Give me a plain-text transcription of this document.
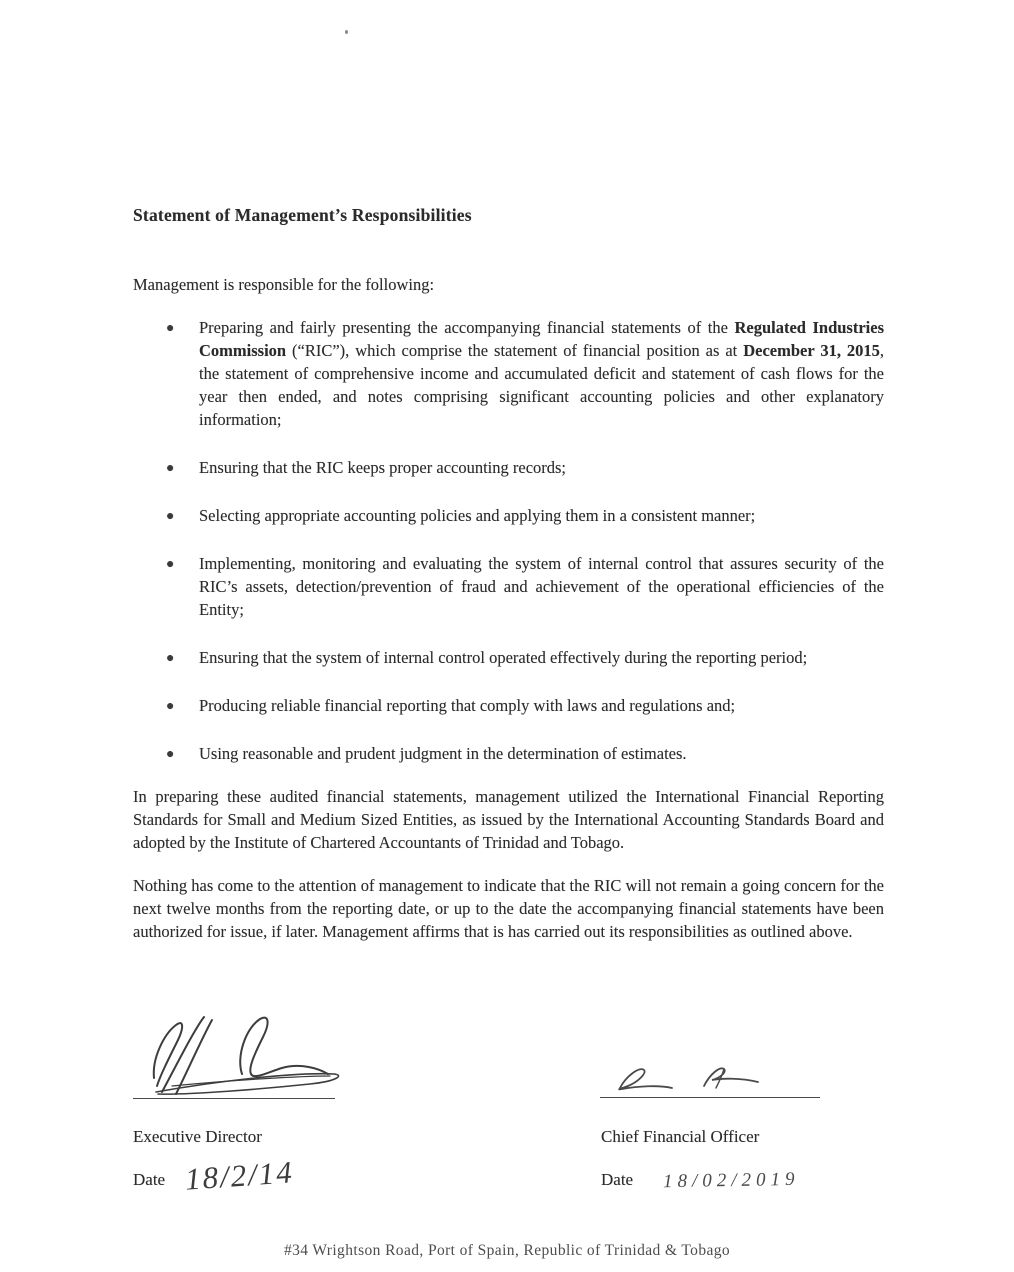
Statement of Management’s Responsibilities

Management is responsible for the following:

● Preparing and fairly presenting the accompanying financial statements of the Regulated Industries Commission (“RIC”), which comprise the statement of financial position as at December 31, 2015, the statement of comprehensive income and accumulated deficit and statement of cash flows for the year then ended, and notes comprising significant accounting policies and other explanatory information;
● Ensuring that the RIC keeps proper accounting records;
● Selecting appropriate accounting policies and applying them in a consistent manner;
● Implementing, monitoring and evaluating the system of internal control that assures security of the RIC’s assets, detection/prevention of fraud and achievement of the operational efficiencies of the Entity;
● Ensuring that the system of internal control operated effectively during the reporting period;
● Producing reliable financial reporting that comply with laws and regulations and;
● Using reasonable and prudent judgment in the determination of estimates.

In preparing these audited financial statements, management utilized the International Financial Reporting Standards for Small and Medium Sized Entities, as issued by the International Accounting Standards Board and adopted by the Institute of Chartered Accountants of Trinidad and Tobago.

Nothing has come to the attention of management to indicate that the RIC will not remain a going concern for the next twelve months from the reporting date, or up to the date the accompanying financial statements have been authorized for issue, if later. Management affirms that is has carried out its responsibilities as outlined above.

Executive Director
Date 18/2/14
Chief Financial Officer
Date 18/02/2019
#34 Wrightson Road, Port of Spain, Republic of Trinidad & Tobago
